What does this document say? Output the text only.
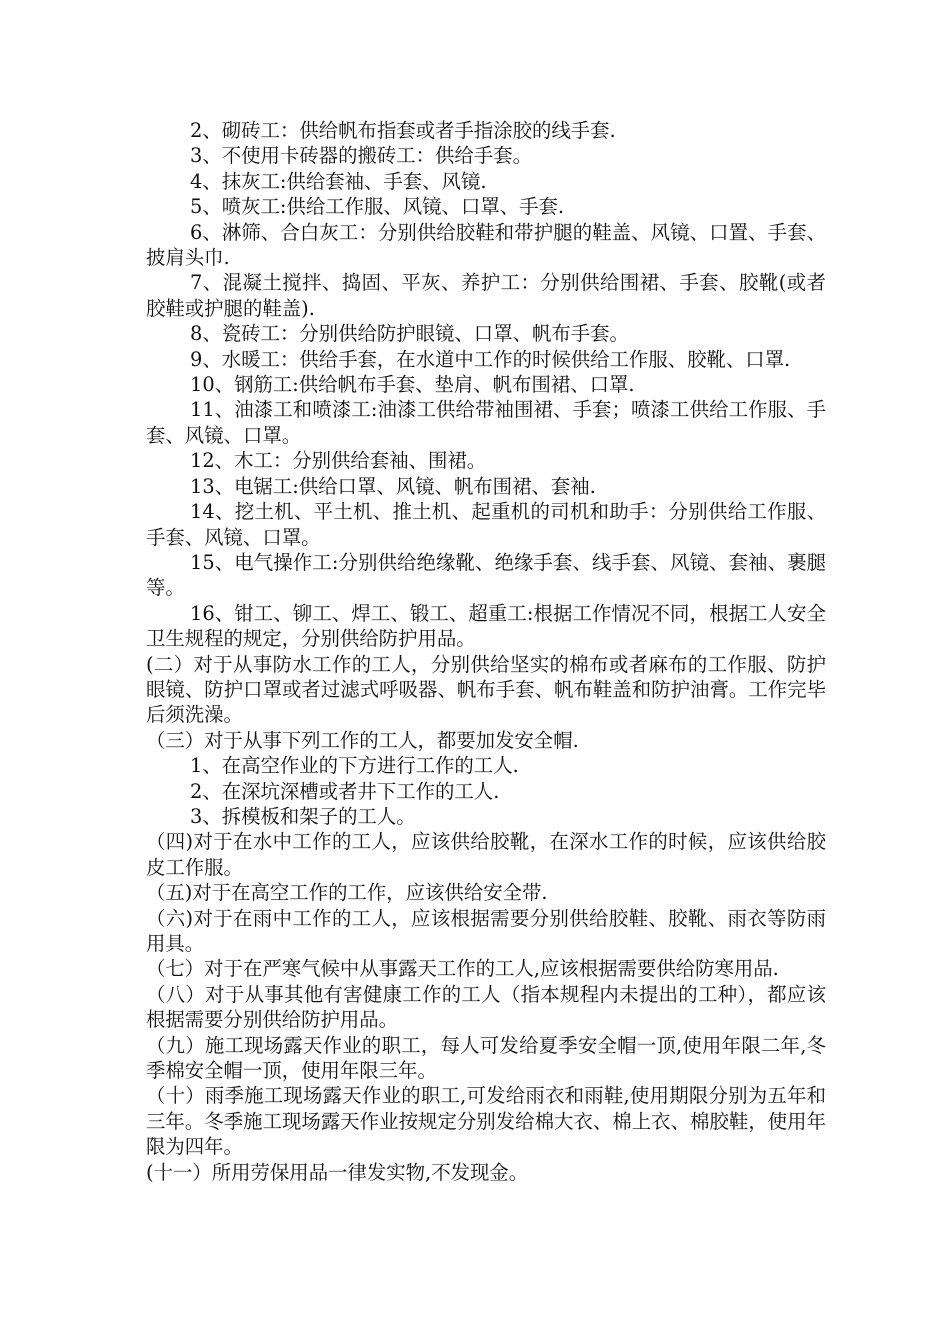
2、砌砖工：供给帆布指套或者手指涂胶的线手套.

3、不使用卡砖器的搬砖工：供给手套。

4、抹灰工:供给套袖、手套、风镜.

5、喷灰工:供给工作服、风镜、口罩、手套.

6、淋筛、合白灰工：分别供给胶鞋和带护腿的鞋盖、风镜、口置、手套、披肩头巾.

7、混凝土搅拌、捣固、平灰、养护工：分别供给围裙、手套、胶靴(或者胶鞋或护腿的鞋盖).

8、瓷砖工：分别供给防护眼镜、口罩、帆布手套。

9、水暖工：供给手套，在水道中工作的时候供给工作服、胶靴、口罩.

10、钢筋工:供给帆布手套、垫肩、帆布围裙、口罩.

11、油漆工和喷漆工:油漆工供给带袖围裙、手套；喷漆工供给工作服、手套、风镜、口罩。

12、木工：分别供给套袖、围裙。

13、电锯工:供给口罩、风镜、帆布围裙、套袖.

14、挖土机、平土机、推土机、起重机的司机和助手：分别供给工作服、手套、风镜、口罩。

15、电气操作工:分别供给绝缘靴、绝缘手套、线手套、风镜、套袖、裹腿等。

16、钳工、铆工、焊工、锻工、超重工:根据工作情况不同，根据工人安全卫生规程的规定，分别供给防护用品。

(二）对于从事防水工作的工人，分别供给坚实的棉布或者麻布的工作服、防护眼镜、防护口罩或者过滤式呼吸器、帆布手套、帆布鞋盖和防护油膏。工作完毕后须洗澡。

（三）对于从事下列工作的工人，都要加发安全帽.

1、在高空作业的下方进行工作的工人.

2、在深坑深槽或者井下工作的工人.

3、拆模板和架子的工人。

（四)对于在水中工作的工人，应该供给胶靴，在深水工作的时候，应该供给胶皮工作服。

（五)对于在高空工作的工作，应该供给安全带.

（六)对于在雨中工作的工人，应该根据需要分别供给胶鞋、胶靴、雨衣等防雨用具。

（七）对于在严寒气候中从事露天工作的工人,应该根据需要供给防寒用品.

（八）对于从事其他有害健康工作的工人（指本规程内未提出的工种），都应该根据需要分别供给防护用品。

（九）施工现场露天作业的职工，每人可发给夏季安全帽一顶,使用年限二年,冬季棉安全帽一顶，使用年限三年。

（十）雨季施工现场露天作业的职工,可发给雨衣和雨鞋,使用期限分别为五年和三年。冬季施工现场露天作业按规定分别发给棉大衣、棉上衣、棉胶鞋，使用年限为四年。

(十一）所用劳保用品一律发实物,不发现金。
